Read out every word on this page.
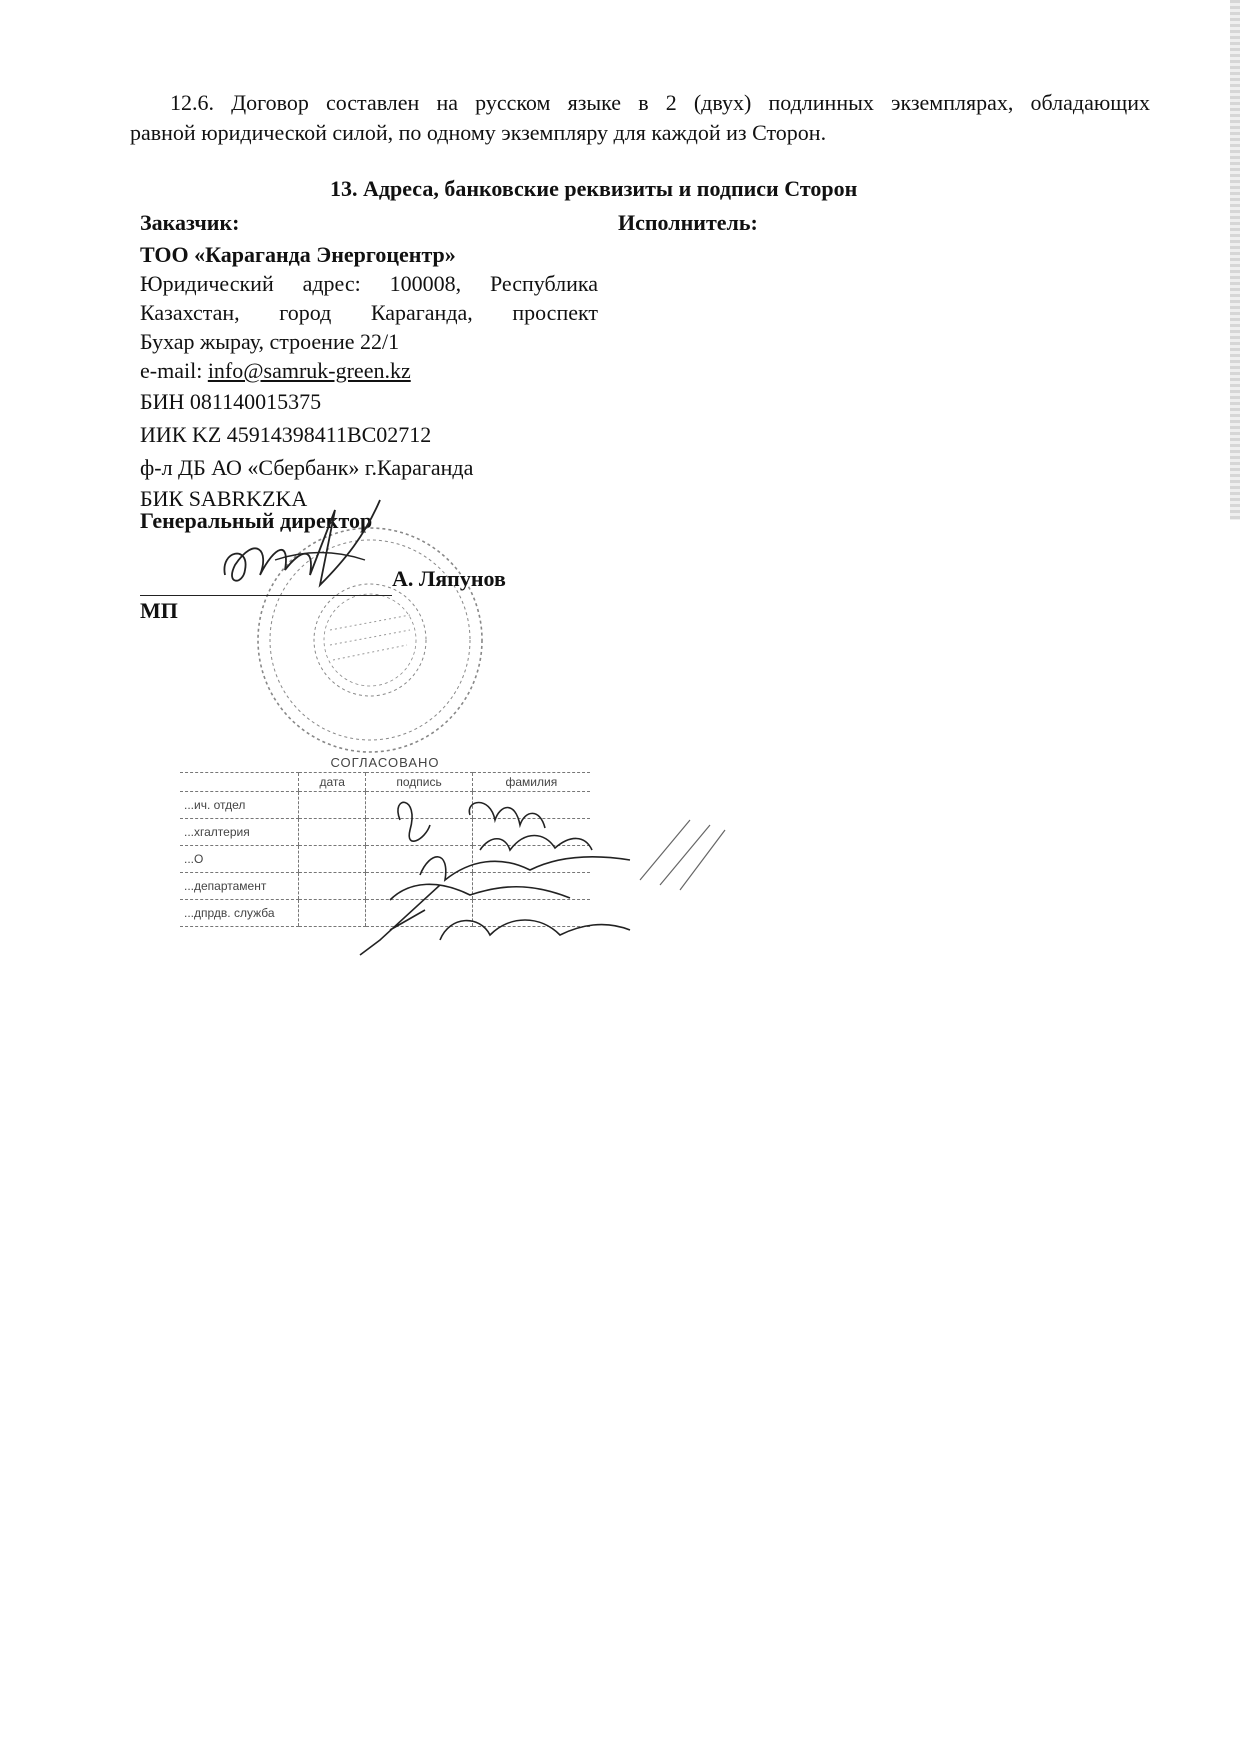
12.6. Договор составлен на русском языке в 2 (двух) подлинных экземплярах, обладающих
равной юридической силой, по одному экземпляру для каждой из Сторон.
13. Адреса, банковские реквизиты и подписи Сторон
Заказчик:	Исполнитель:
ТОО «Караганда Энергоцентр»
Юридический адрес: 100008, Республика
Казахстан, город Караганда, проспект
Бухар жырау, строение 22/1
e-mail: info@samruk-green.kz
БИН 081140015375
ИИК KZ 45914398411BC02712
ф-л ДБ АО «Сбербанк» г.Караганда
БИК SABRKZKA
Генеральный директор
А. Ляпунов
МП
СОГЛАСОВАНО
	дата	подпись	фамилия
...ич. отдел			
...хгалтерия			
...О			
...департамент			
...дпрдв. служба			
